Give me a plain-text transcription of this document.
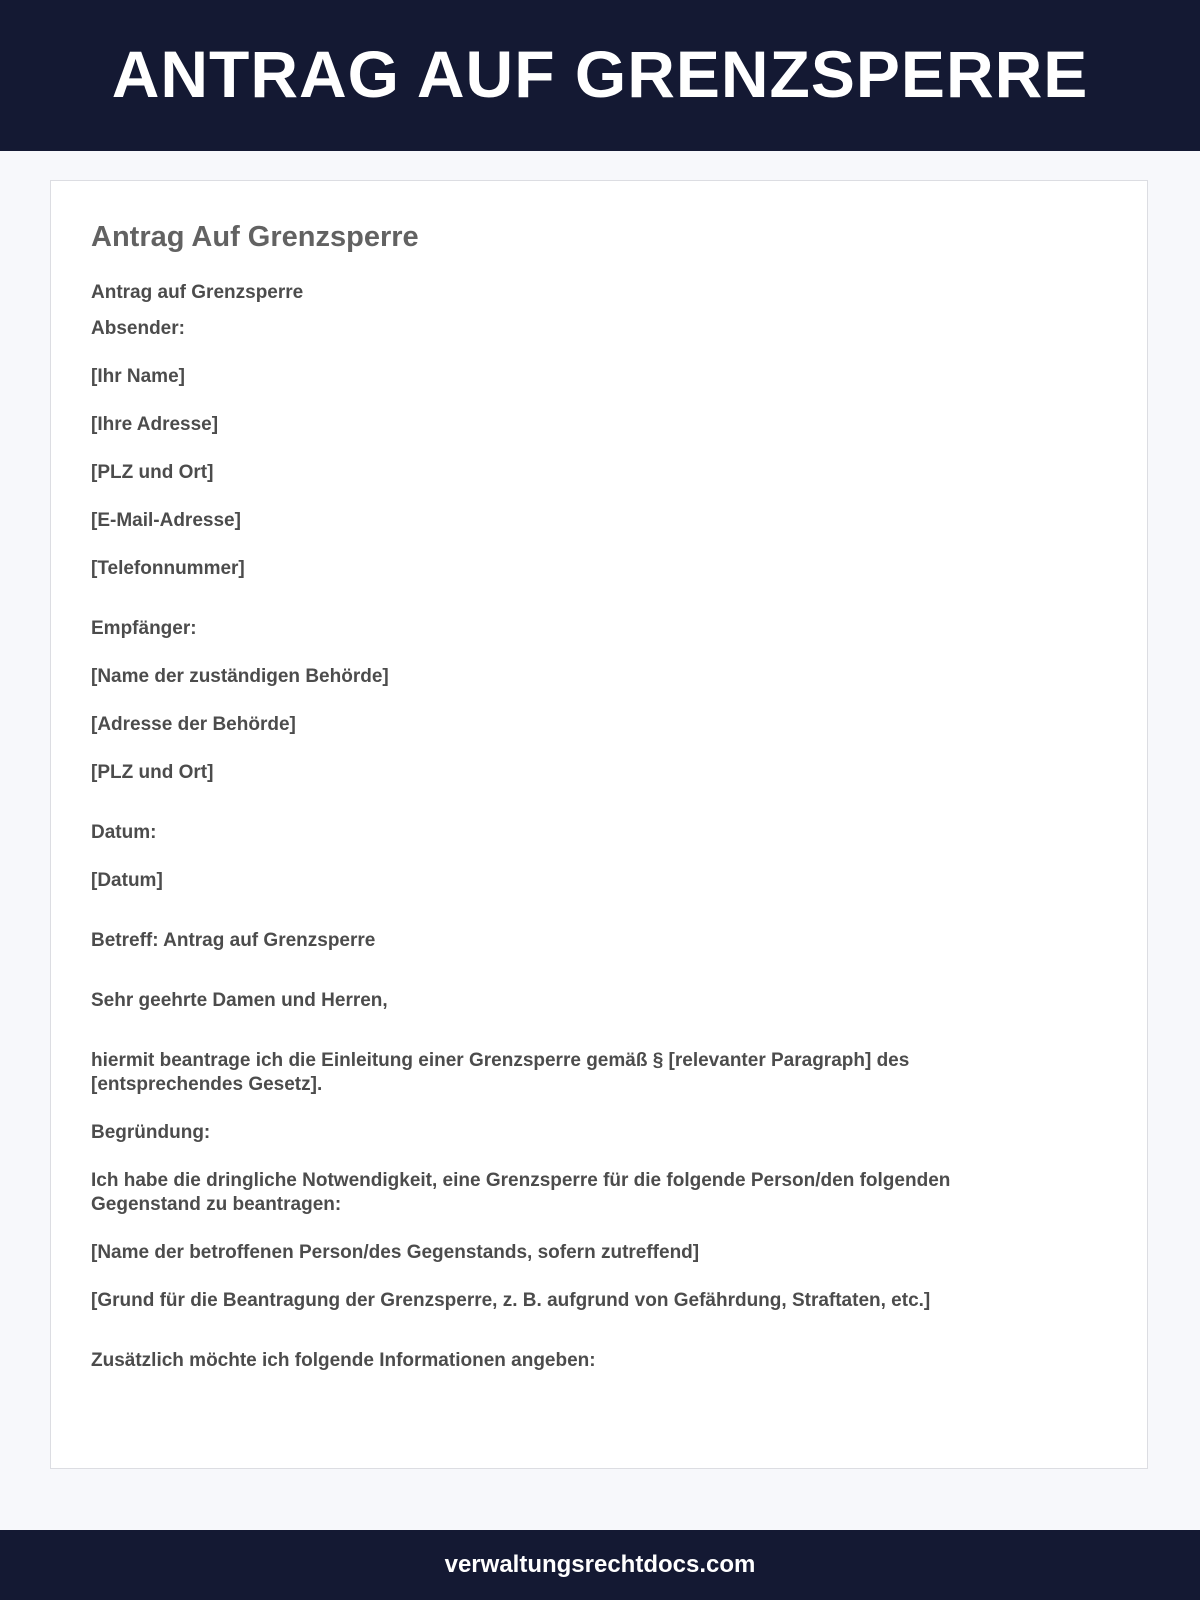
ANTRAG AUF GRENZSPERRE
Antrag Auf Grenzsperre

Antrag auf Grenzsperre

Absender:

[Ihr Name]

[Ihre Adresse]

[PLZ und Ort]

[E-Mail-Adresse]

[Telefonnummer]

Empfänger:

[Name der zuständigen Behörde]

[Adresse der Behörde]

[PLZ und Ort]

Datum:

[Datum]

Betreff: Antrag auf Grenzsperre

Sehr geehrte Damen und Herren,

hiermit beantrage ich die Einleitung einer Grenzsperre gemäß § [relevanter Paragraph] des [entsprechendes Gesetz].

Begründung:

Ich habe die dringliche Notwendigkeit, eine Grenzsperre für die folgende Person/den folgenden Gegenstand zu beantragen:

[Name der betroffenen Person/des Gegenstands, sofern zutreffend]

[Grund für die Beantragung der Grenzsperre, z. B. aufgrund von Gefährdung, Straftaten, etc.]

Zusätzlich möchte ich folgende Informationen angeben:

verwaltungsrechtdocs.com
